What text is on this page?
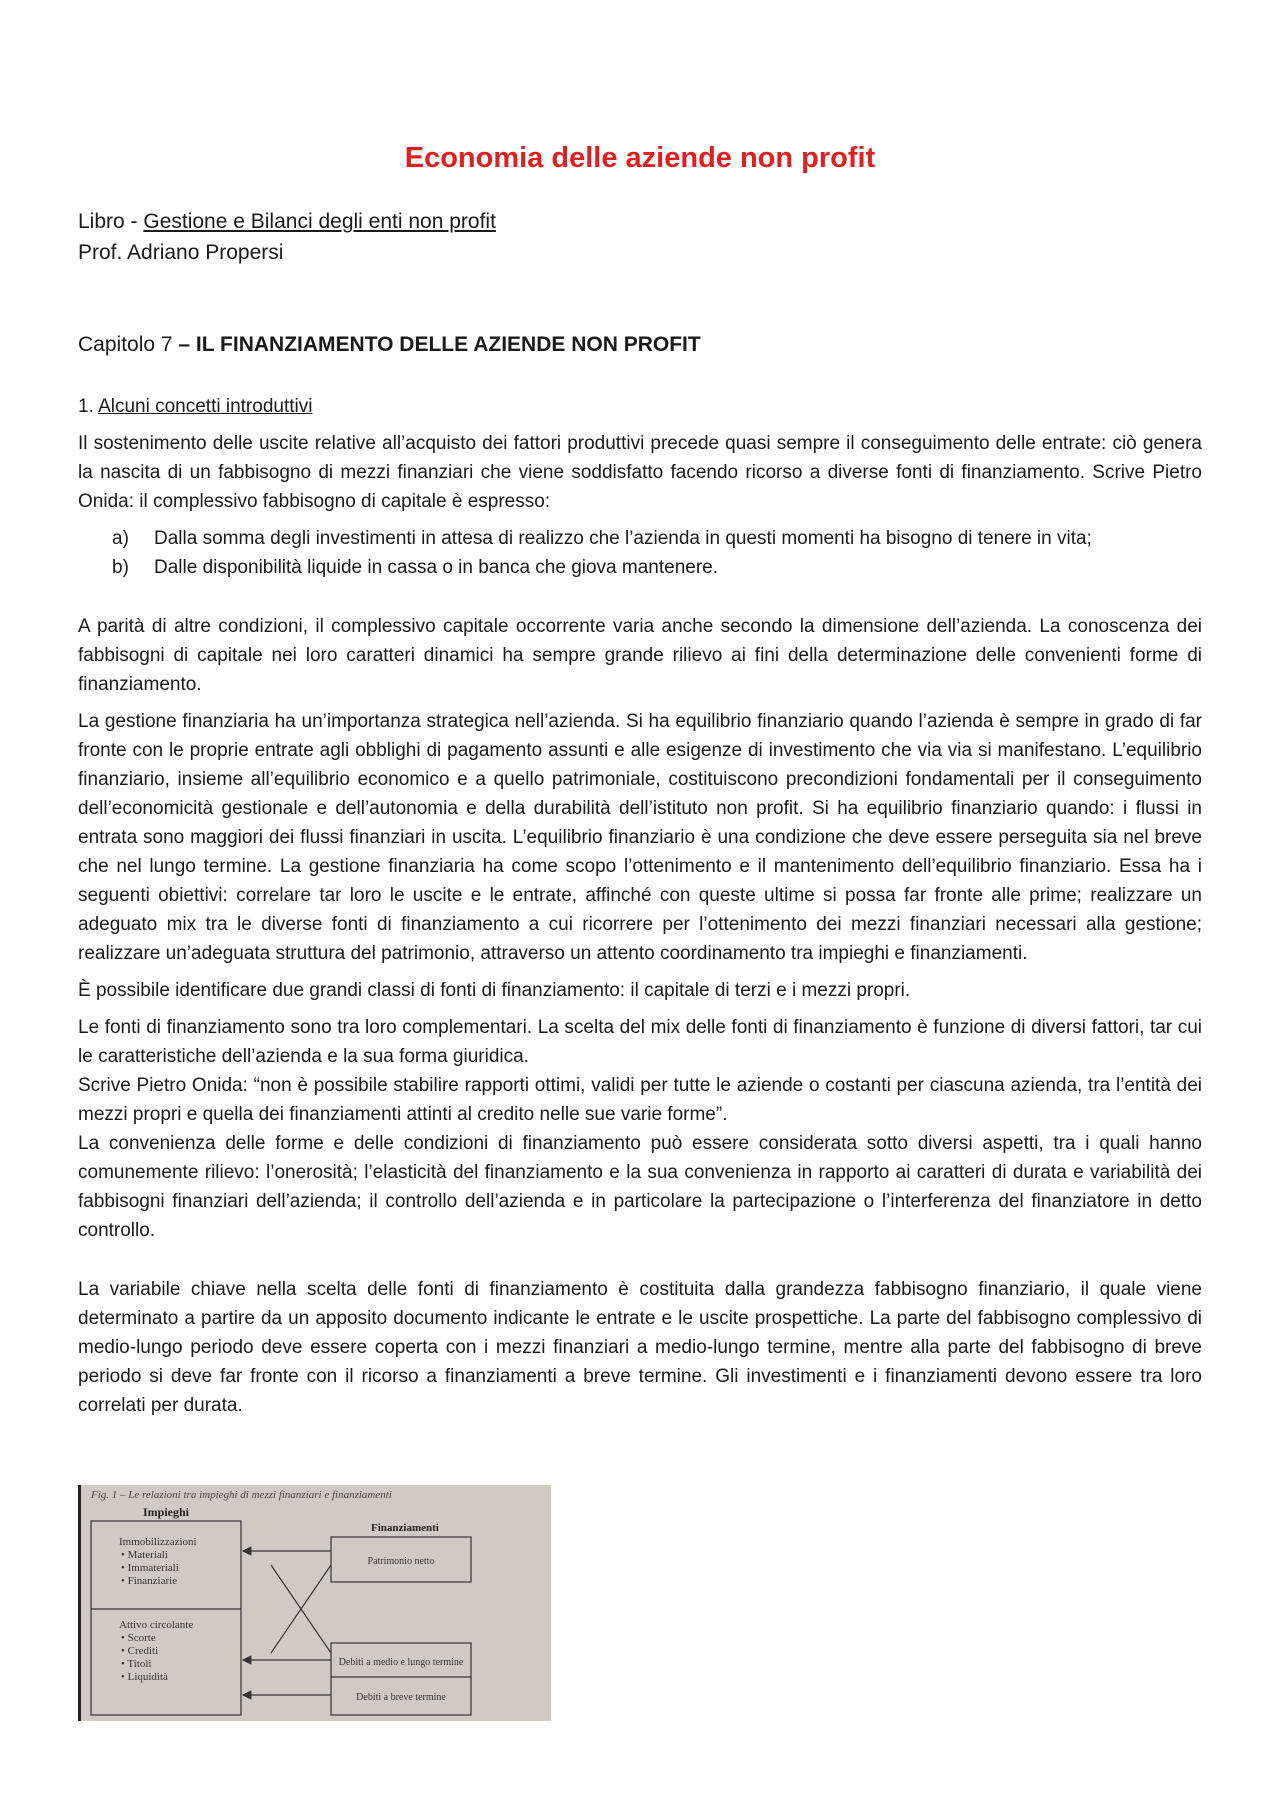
Economia delle aziende non profit
Libro - Gestione e Bilanci degli enti non profit
Prof. Adriano Propersi
Capitolo 7 – IL FINANZIAMENTO DELLE AZIENDE NON PROFIT
1. Alcuni concetti introduttivi

Il sostenimento delle uscite relative all’acquisto dei fattori produttivi precede quasi sempre il conseguimento delle entrate: ciò genera la nascita di un fabbisogno di mezzi finanziari che viene soddisfatto facendo ricorso a diverse fonti di finanziamento. Scrive Pietro Onida: il complessivo fabbisogno di capitale è espresso:

a)	Dalla somma degli investimenti in attesa di realizzo che l’azienda in questi momenti ha bisogno di tenere in vita;
b)	Dalle disponibilità liquide in cassa o in banca che giova mantenere.

A parità di altre condizioni, il complessivo capitale occorrente varia anche secondo la dimensione dell’azienda. La conoscenza dei fabbisogni di capitale nei loro caratteri dinamici ha sempre grande rilievo ai fini della determinazione delle convenienti forme di finanziamento.

La gestione finanziaria ha un’importanza strategica nell’azienda. Si ha equilibrio finanziario quando l’azienda è sempre in grado di far fronte con le proprie entrate agli obblighi di pagamento assunti e alle esigenze di investimento che via via si manifestano. L’equilibrio finanziario, insieme all’equilibrio economico e a quello patrimoniale, costituiscono precondizioni fondamentali per il conseguimento dell’economicità gestionale e dell’autonomia e della durabilità dell’istituto non profit. Si ha equilibrio finanziario quando: i flussi in entrata sono maggiori dei flussi finanziari in uscita. L’equilibrio finanziario è una condizione che deve essere perseguita sia nel breve che nel lungo termine. La gestione finanziaria ha come scopo l’ottenimento e il mantenimento dell’equilibrio finanziario. Essa ha i seguenti obiettivi: correlare tar loro le uscite e le entrate, affinché con queste ultime si possa far fronte alle prime; realizzare un adeguato mix tra le diverse fonti di finanziamento a cui ricorrere per l’ottenimento dei mezzi finanziari necessari alla gestione; realizzare un’adeguata struttura del patrimonio, attraverso un attento coordinamento tra impieghi e finanziamenti.

È possibile identificare due grandi classi di fonti di finanziamento: il capitale di terzi e i mezzi propri.

Le fonti di finanziamento sono tra loro complementari. La scelta del mix delle fonti di finanziamento è funzione di diversi fattori, tar cui le caratteristiche dell’azienda e la sua forma giuridica.

Scrive Pietro Onida: “non è possibile stabilire rapporti ottimi, validi per tutte le aziende o costanti per ciascuna azienda, tra l’entità dei mezzi propri e quella dei finanziamenti attinti al credito nelle sue varie forme”.

La convenienza delle forme e delle condizioni di finanziamento può essere considerata sotto diversi aspetti, tra i quali hanno comunemente rilievo: l’onerosità; l’elasticità del finanziamento e la sua convenienza in rapporto ai caratteri di durata e variabilità dei fabbisogni finanziari dell’azienda; il controllo dell’azienda e in particolare la partecipazione o l’interferenza del finanziatore in detto controllo.

La variabile chiave nella scelta delle fonti di finanziamento è costituita dalla grandezza fabbisogno finanziario, il quale viene determinato a partire da un apposito documento indicante le entrate e le uscite prospettiche. La parte del fabbisogno complessivo di medio-lungo periodo deve essere coperta con i mezzi finanziari a medio-lungo termine, mentre alla parte del fabbisogno di breve periodo si deve far fronte con il ricorso a finanziamenti a breve termine. Gli investimenti e i finanziamenti devono essere tra loro correlati per durata.

Fig. 1 – Le relazioni tra impieghi di mezzi finanziari e finanziamenti
Impieghi
Finanziamenti
Immobilizzazioni • Materiali • Immateriali • Finanziarie
Attivo circolante • Scorte • Crediti • Titoli • Liquidità
Patrimonio netto
Debiti a medio e lungo termine
Debiti a breve termine
